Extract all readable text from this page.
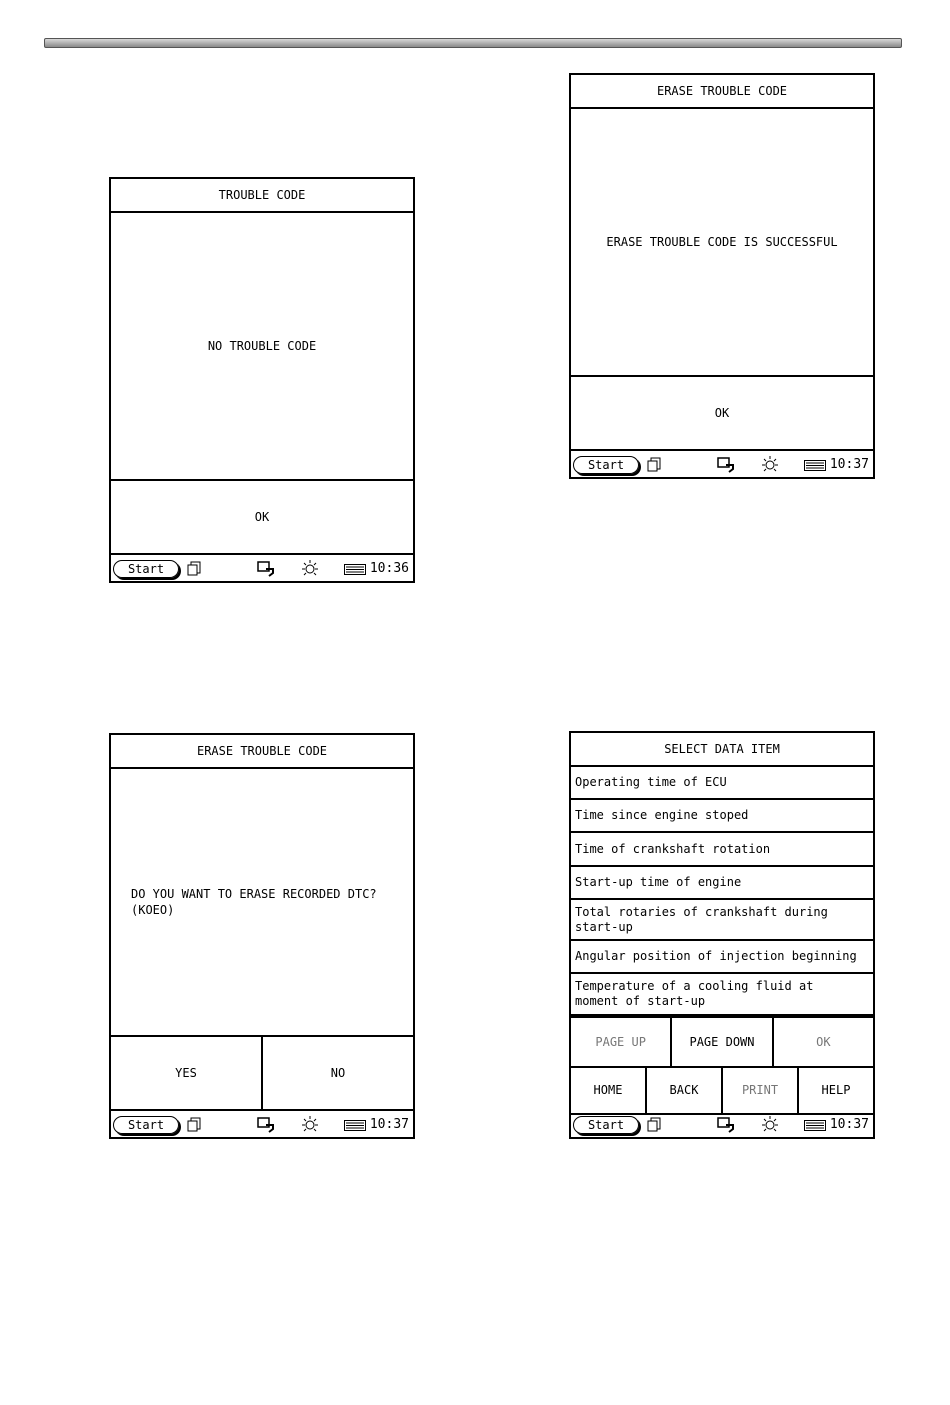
TROUBLE CODE
NO TROUBLE CODE
OK
Start	10:36
ERASE TROUBLE CODE
ERASE TROUBLE CODE IS SUCCESSFUL
OK
Start	10:37
ERASE TROUBLE CODE
DO YOU WANT TO ERASE RECORDED DTC?
(KOEO)
YES	NO
Start	10:37
SELECT DATA ITEM
Operating time of ECU
Time since engine stoped
Time of crankshaft rotation
Start-up time of engine
Total rotaries of crankshaft during
start-up
Angular position of injection beginning
Temperature of a cooling fluid at
moment of start-up
PAGE UP	PAGE DOWN	OK
HOME	BACK	PRINT	HELP
Start	10:37
